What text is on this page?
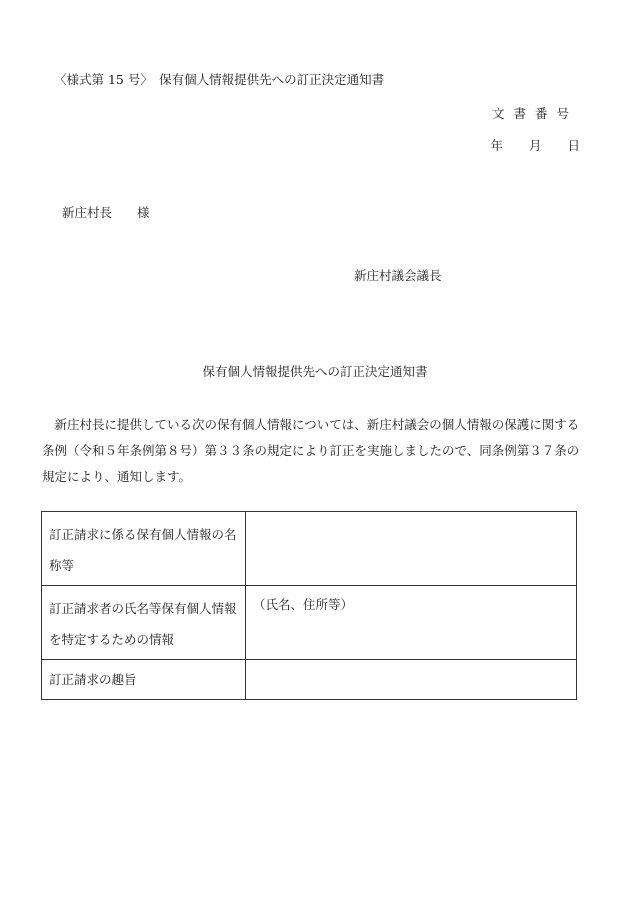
〈様式第 15 号〉　保有個人情報提供先への訂正決定通知書
文書番号
年 月 日
新庄村長　　様
新庄村議会議長
保有個人情報提供先への訂正決定通知書
新庄村長に提供している次の保有個人情報については、新庄村議会の個人情報の保護に関する条例（令和５年条例第８号）第３３条の規定により訂正を実施しましたので、同条例第３７条の規定により、通知します。
訂正請求に係る保有個人情報の名称等	
訂正請求者の氏名等保有個人情報を特定するための情報	（氏名、住所等）
訂正請求の趣旨	
